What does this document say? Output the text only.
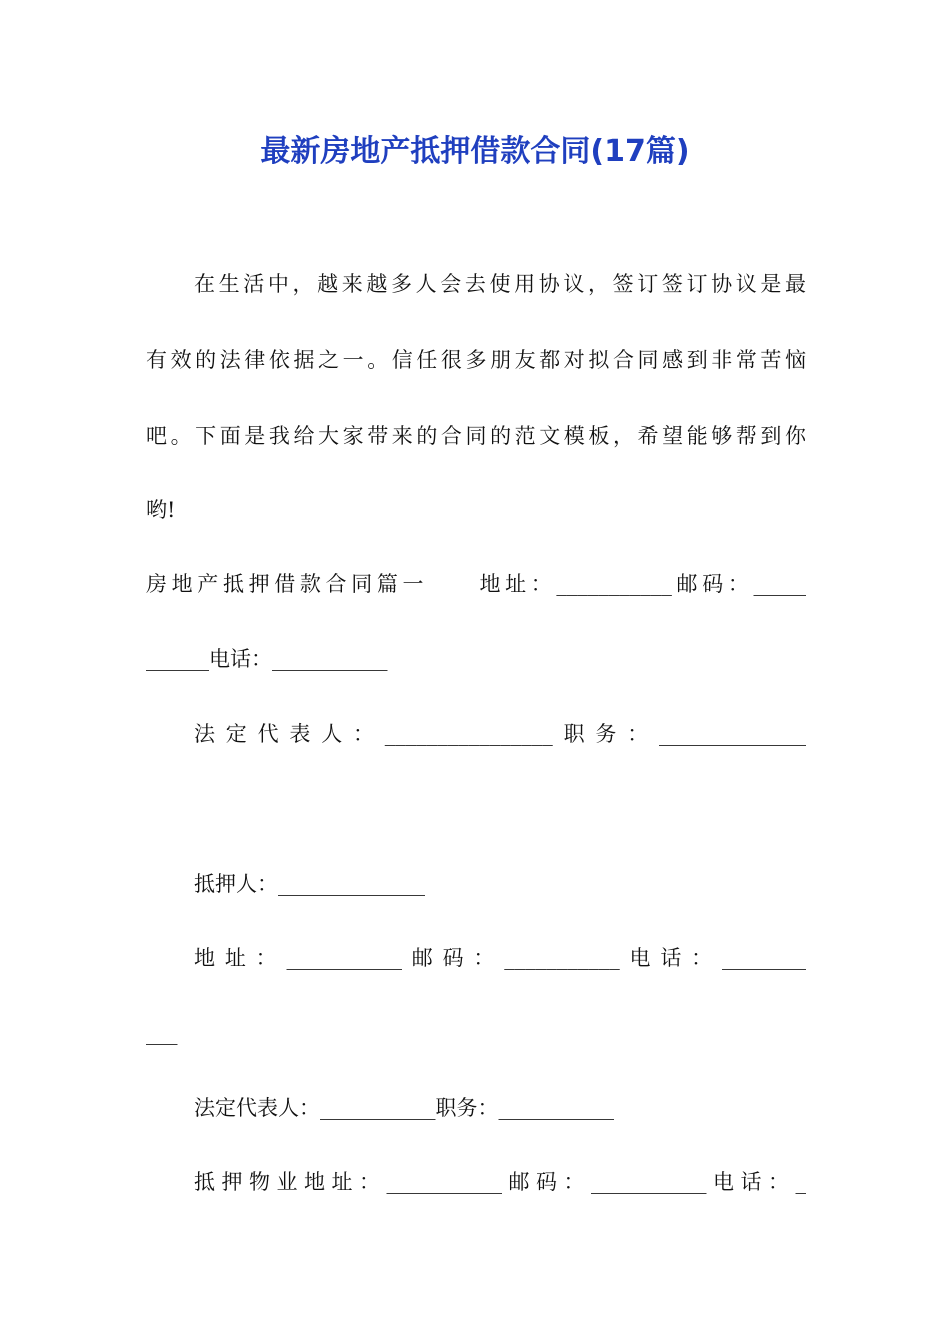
最新房地产抵押借款合同(17篇)
在生活中，越来越多人会去使用协议，签订签订协议是最
有效的法律依据之一。信任很多朋友都对拟合同感到非常苦恼
吧。下面是我给大家带来的合同的范文模板，希望能够帮到你
哟!
房地产抵押借款合同篇一　　地址：___________邮码：_____
______电话：___________
法定代表人：________________职务：______________
抵押人：______________
地址：___________邮码：___________电话：________
___
法定代表人：___________职务：___________
抵押物业地址：___________邮码：___________电话：_
